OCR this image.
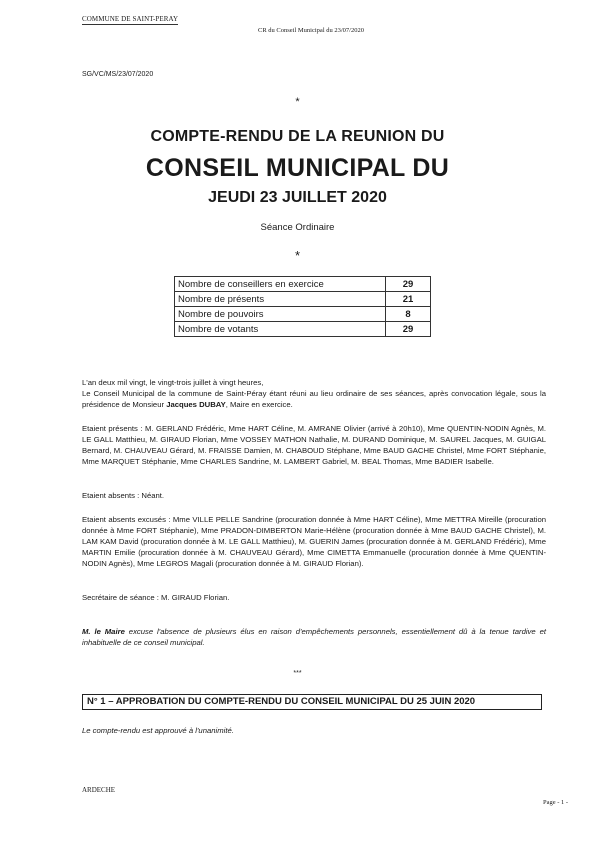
COMMUNE DE SAINT-PERAY
CR du Conseil Municipal du 23/07/2020
SG/VC/MS/23/07/2020
*
COMPTE-RENDU DE LA REUNION DU
CONSEIL MUNICIPAL DU
JEUDI 23 JUILLET 2020
Séance Ordinaire
*
Nombre de conseillers en exercice	29
Nombre de présents	21
Nombre de pouvoirs	8
Nombre de votants	29
L'an deux mil vingt, le vingt-trois juillet à vingt heures,
Le Conseil Municipal de la commune de Saint-Péray étant réuni au lieu ordinaire de ses séances, après convocation légale, sous la présidence de Monsieur Jacques DUBAY, Maire en exercice.
Etaient présents : M. GERLAND Frédéric, Mme HART Céline, M. AMRANE Olivier (arrivé à 20h10), Mme QUENTIN-NODIN Agnès, M. LE GALL Matthieu, M. GIRAUD Florian, Mme VOSSEY MATHON Nathalie, M. DURAND Dominique, M. SAUREL Jacques, M. GUIGAL Bernard, M. CHAUVEAU Gérard, M. FRAISSE Damien, M. CHABOUD Stéphane, Mme BAUD GACHE Christel, Mme FORT Stéphanie, Mme MARQUET Stéphanie, Mme CHARLES Sandrine, M. LAMBERT Gabriel, M. BEAL Thomas, Mme BADIER Isabelle.
Etaient absents : Néant.
Etaient absents excusés : Mme VILLE PELLE Sandrine (procuration donnée à Mme HART Céline), Mme METTRA Mireille (procuration donnée à Mme FORT Stéphanie), Mme PRADON-DIMBERTON Marie-Hélène (procuration donnée à Mme BAUD GACHE Christel), M. LAM KAM David (procuration donnée à M. LE GALL Matthieu), M. GUERIN James (procuration donnée à M. GERLAND Frédéric), Mme MARTIN Emilie (procuration donnée à M. CHAUVEAU Gérard), Mme CIMETTA Emmanuelle (procuration donnée à Mme QUENTIN-NODIN Agnès), Mme LEGROS Magali (procuration donnée à M. GIRAUD Florian).
Secrétaire de séance : M. GIRAUD Florian.
M. le Maire excuse l'absence de plusieurs élus en raison d'empêchements personnels, essentiellement dû à la tenue tardive et inhabituelle de ce conseil municipal.
***
N° 1 – APPROBATION DU COMPTE-RENDU DU CONSEIL MUNICIPAL DU 25 JUIN 2020
Le compte-rendu est approuvé à l'unanimité.
ARDECHE
Page - 1 -
